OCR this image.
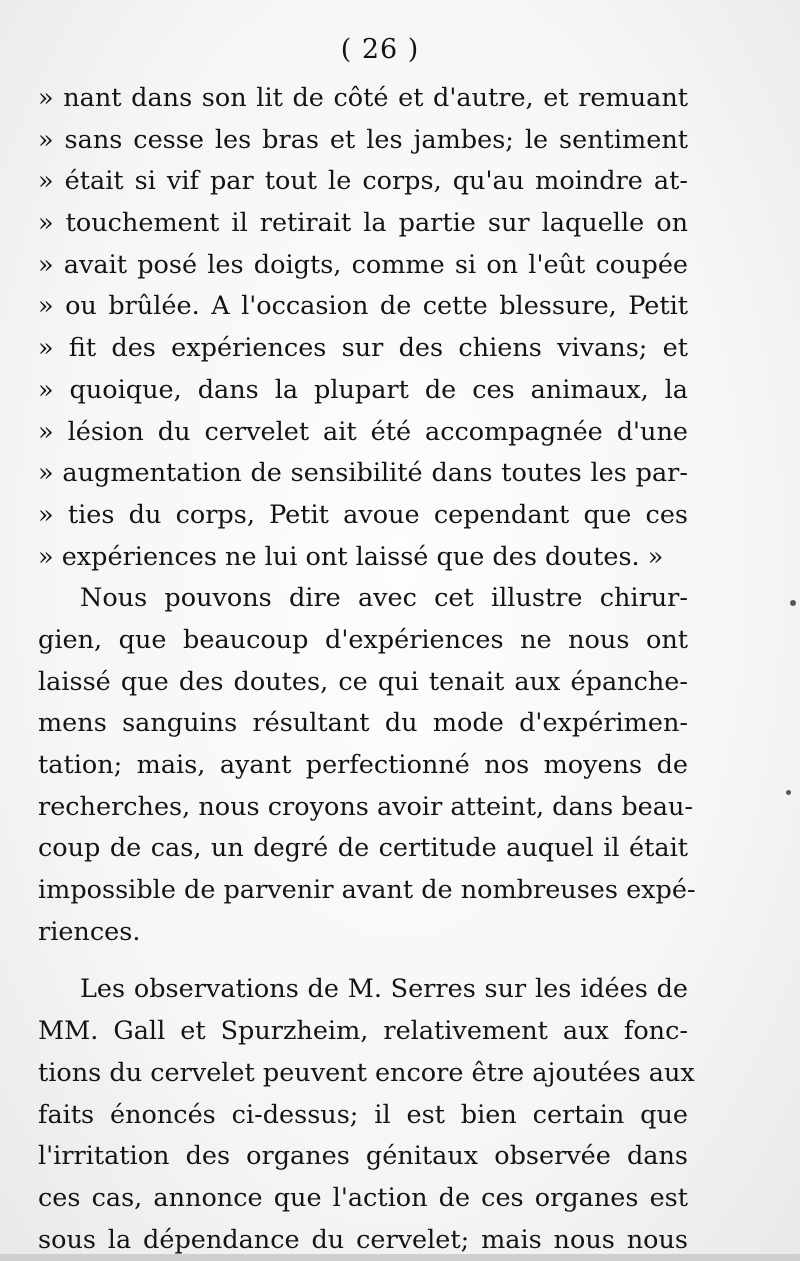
( 26 )
» nant dans son lit de côté et d'autre, et remuant
» sans cesse les bras et les jambes; le sentiment
» était si vif par tout le corps, qu'au moindre at-
» touchement il retirait la partie sur laquelle on
» avait posé les doigts, comme si on l'eût coupée
» ou brûlée. A l'occasion de cette blessure, Petit
» fit des expériences sur des chiens vivans; et
» quoique, dans la plupart de ces animaux, la
» lésion du cervelet ait été accompagnée d'une
» augmentation de sensibilité dans toutes les par-
» ties du corps, Petit avoue cependant que ces
» expériences ne lui ont laissé que des doutes. »
Nous pouvons dire avec cet illustre chirur-
gien, que beaucoup d'expériences ne nous ont
laissé que des doutes, ce qui tenait aux épanche-
mens sanguins résultant du mode d'expérimen-
tation; mais, ayant perfectionné nos moyens de
recherches, nous croyons avoir atteint, dans beau-
coup de cas, un degré de certitude auquel il était
impossible de parvenir avant de nombreuses expé-
riences.
Les observations de M. Serres sur les idées de
MM. Gall et Spurzheim, relativement aux fonc-
tions du cervelet peuvent encore être ajoutées aux
faits énoncés ci-dessus; il est bien certain que
l'irritation des organes génitaux observée dans
ces cas, annonce que l'action de ces organes est
sous la dépendance du cervelet; mais nous nous
